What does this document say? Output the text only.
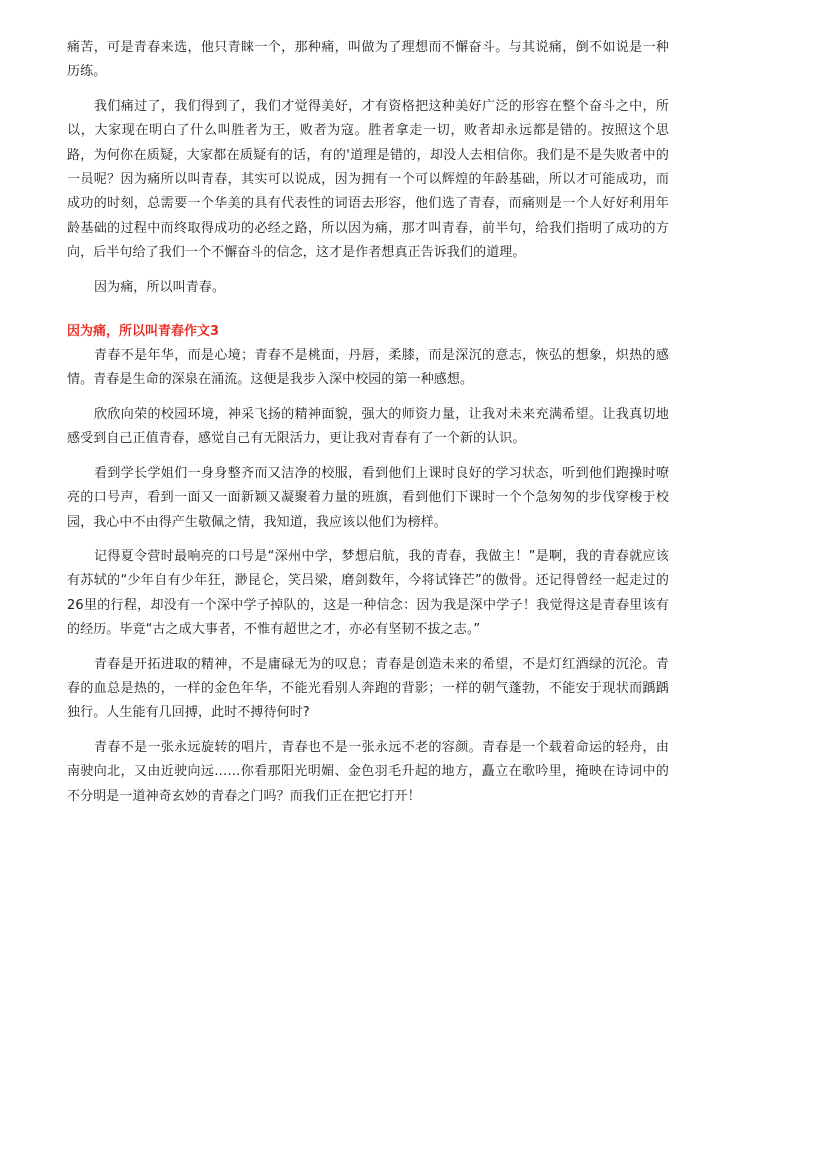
痛苦，可是青春来选，他只青睐一个，那种痛，叫做为了理想而不懈奋斗。与其说痛，倒不如说是一种历练。

我们痛过了，我们得到了，我们才觉得美好，才有资格把这种美好广泛的形容在整个奋斗之中，所以，大家现在明白了什么叫胜者为王，败者为寇。胜者拿走一切，败者却永远都是错的。按照这个思路，为何你在质疑，大家都在质疑有的话，有的'道理是错的，却没人去相信你。我们是不是失败者中的一员呢？因为痛所以叫青春，其实可以说成，因为拥有一个可以辉煌的年龄基础，所以才可能成功，而成功的时刻，总需要一个华美的具有代表性的词语去形容，他们选了青春，而痛则是一个人好好利用年龄基础的过程中而终取得成功的必经之路，所以因为痛，那才叫青春，前半句，给我们指明了成功的方向，后半句给了我们一个不懈奋斗的信念，这才是作者想真正告诉我们的道理。

因为痛，所以叫青春。

因为痛，所以叫青春作文3

青春不是年华，而是心境；青春不是桃面，丹唇，柔膝，而是深沉的意志，恢弘的想象，炽热的感情。青春是生命的深泉在涌流。这便是我步入深中校园的第一种感想。

欣欣向荣的校园环境，神采飞扬的精神面貌，强大的师资力量，让我对未来充满希望。让我真切地感受到自己正值青春，感觉自己有无限活力，更让我对青春有了一个新的认识。

看到学长学姐们一身身整齐而又洁净的校服，看到他们上课时良好的学习状态，听到他们跑操时嘹亮的口号声，看到一面又一面新颖又凝聚着力量的班旗，看到他们下课时一个个急匆匆的步伐穿梭于校园，我心中不由得产生敬佩之情，我知道，我应该以他们为榜样。

记得夏令营时最响亮的口号是“深州中学，梦想启航，我的青春，我做主！”是啊，我的青春就应该有苏轼的“少年自有少年狂，渺昆仑，笑吕梁，磨剑数年，今将试锋芒”的傲骨。还记得曾经一起走过的26里的行程，却没有一个深中学子掉队的，这是一种信念：因为我是深中学子！我觉得这是青春里该有的经历。毕竟“古之成大事者，不惟有超世之才，亦必有坚韧不拔之志。”

青春是开拓进取的精神，不是庸碌无为的叹息；青春是创造未来的希望，不是灯红酒绿的沉沦。青春的血总是热的，一样的金色年华，不能光看别人奔跑的背影；一样的朝气蓬勃，不能安于现状而踽踽独行。人生能有几回搏，此时不搏待何时?

青春不是一张永远旋转的唱片，青春也不是一张永远不老的容颜。青春是一个载着命运的轻舟，由南驶向北，又由近驶向远……你看那阳光明媚、金色羽毛升起的地方，矗立在歌吟里，掩映在诗词中的不分明是一道神奇玄妙的青春之门吗？而我们正在把它打开！
